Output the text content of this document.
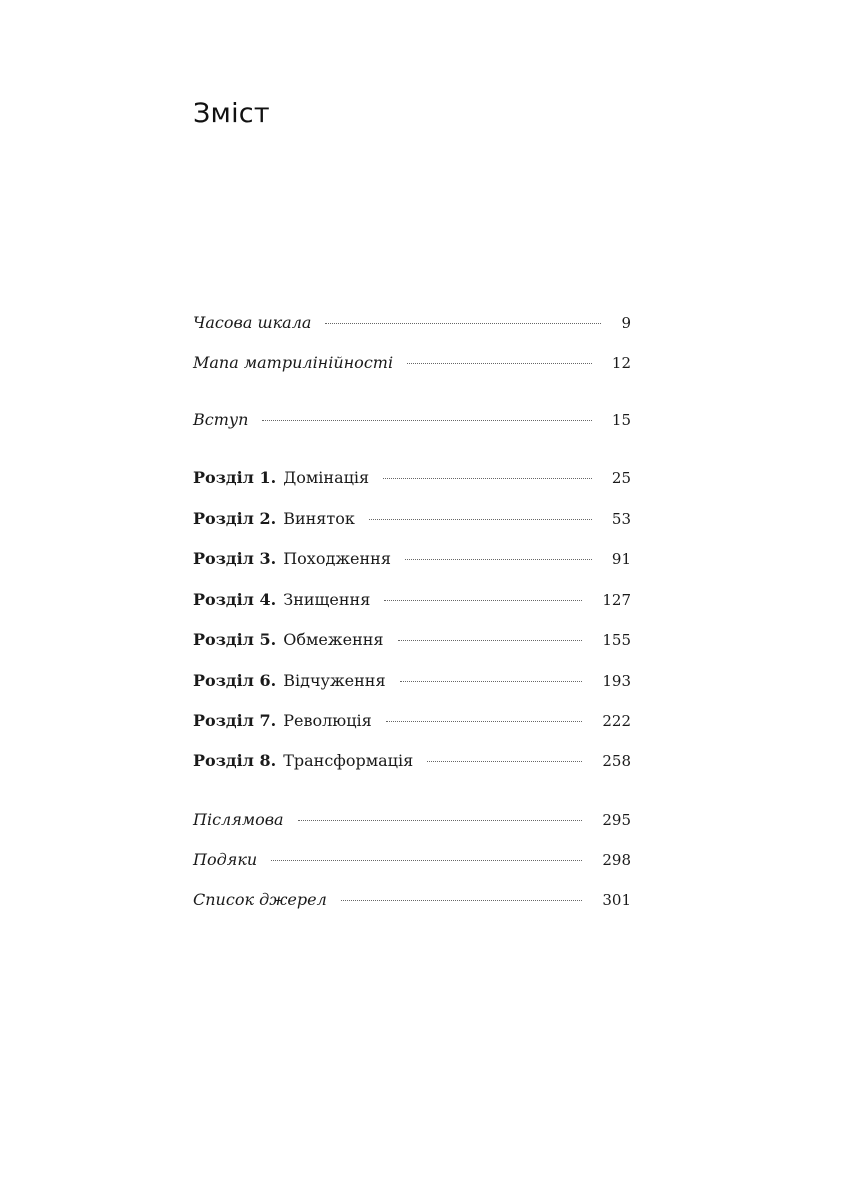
Зміст
Часова шкала	9
Мапа матрилінійності	12
Вступ	15
Розділ 1. Домінація	25
Розділ 2. Виняток	53
Розділ 3. Походження	91
Розділ 4. Знищення	127
Розділ 5. Обмеження	155
Розділ 6. Відчуження	193
Розділ 7. Революція	222
Розділ 8. Трансформація	258
Післямова	295
Подяки	298
Список джерел	301
